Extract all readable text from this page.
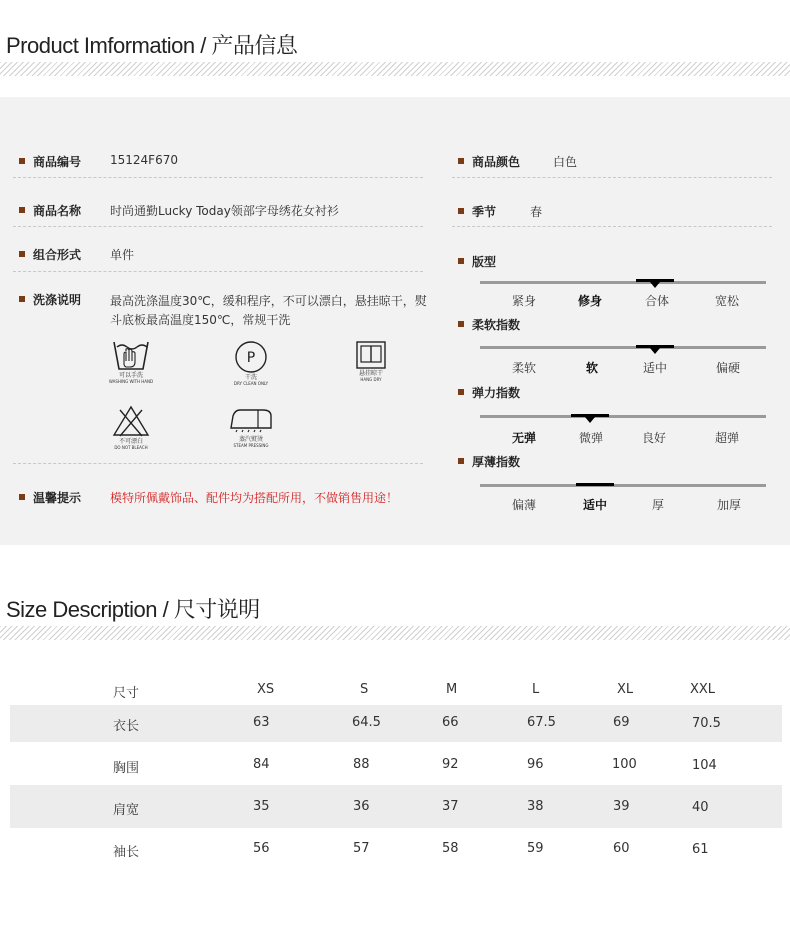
Product Imformation / 产品信息
商品编号 15124F670
商品名称 时尚通勤Lucky Today领部字母绣花女衬衫
组合形式 单件
洗涤说明 最高洗涤温度30℃，缓和程序，不可以漂白，悬挂晾干，熨斗底板最高温度150℃，常规干洗
可以手洗
WASHING WITH HAND
P
干洗
DRY CLEAN ONLY
悬挂晾干
HANG DRY
不可漂白
DO NOT BLEACH
蒸汽熨烫
STEAM PRESSING
温馨提示 模特所佩戴饰品、配件均为搭配所用，不做销售用途！
商品颜色	白色
季节	春
版型
紧身	修身	合体	宽松
柔软指数
柔软	软	适中	偏硬
弹力指数
无弹	微弹	良好	超弹
厚薄指数
偏薄	适中	厚	加厚
Size Description / 尺寸说明
尺寸	XS	S	M	L	XL	XXL
衣长	63	64.5	66	67.5	69	70.5
胸围	84	88	92	96	100	104
肩宽	35	36	37	38	39	40
袖长	56	57	58	59	60	61
